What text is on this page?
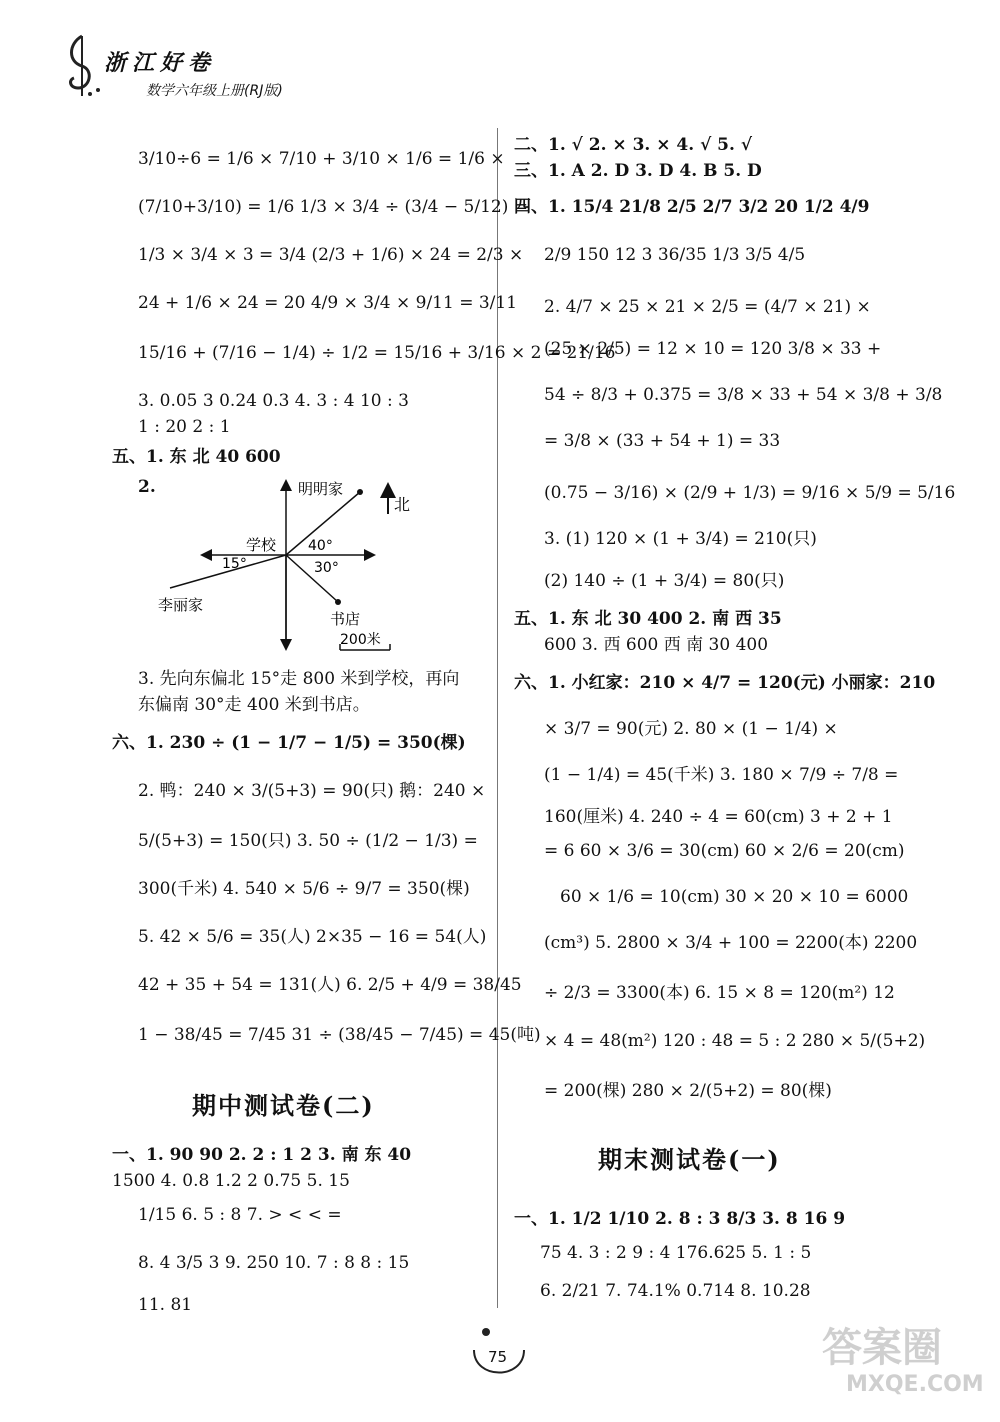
浙江好卷
数学六年级上册(RJ版)
3/10÷6 = 1/6 × 7/10 + 3/10 × 1/6 = 1/6 ×
(7/10+3/10) = 1/6 1/3 × 3/4 ÷ (3/4 − 5/12) =
1/3 × 3/4 × 3 = 3/4 (2/3 + 1/6) × 24 = 2/3 ×
24 + 1/6 × 24 = 20 4/9 × 3/4 × 9/11 = 3/11
15/16 + (7/16 − 1/4) ÷ 1/2 = 15/16 + 3/16 × 2 = 21/16
3. 0.05 3 0.24 0.3 4. 3 : 4 10 : 3
1 : 20 2 : 1
五、1. 东 北 40 600
2.	明明家
北
学校 40°
30°
15°
李丽家
书店
200米
3. 先向东偏北 15°走 800 米到学校，再向
东偏南 30°走 400 米到书店。
六、1. 230 ÷ (1 − 1/7 − 1/5) = 350(棵)
2. 鸭：240 × 3/(5+3) = 90(只) 鹅：240 ×
5/(5+3) = 150(只) 3. 50 ÷ (1/2 − 1/3) =
300(千米) 4. 540 × 5/6 ÷ 9/7 = 350(棵)
5. 42 × 5/6 = 35(人) 2×35 − 16 = 54(人)
42 + 35 + 54 = 131(人) 6. 2/5 + 4/9 = 38/45
1 − 38/45 = 7/45 31 ÷ (38/45 − 7/45) = 45(吨)
期中测试卷(二)
一、1. 90 90 2. 2 : 1 2 3. 南 东 40
1500 4. 0.8 1.2 2 0.75 5. 15
1/15 6. 5 : 8 7. > < < =
8. 4 3/5 3 9. 250 10. 7 : 8 8 : 15
11. 81
二、1. √ 2. × 3. × 4. √ 5. √
三、1. A 2. D 3. D 4. B 5. D
四、1. 15/4 21/8 2/5 2/7 3/2 20 1/2 4/9
2/9 150 12 3 36/35 1/3 3/5 4/5
2. 4/7 × 25 × 21 × 2/5 = (4/7 × 21) ×
(25 × 2/5) = 12 × 10 = 120 3/8 × 33 +
54 ÷ 8/3 + 0.375 = 3/8 × 33 + 54 × 3/8 + 3/8
= 3/8 × (33 + 54 + 1) = 33
(0.75 − 3/16) × (2/9 + 1/3) = 9/16 × 5/9 = 5/16
3. (1) 120 × (1 + 3/4) = 210(只)
(2) 140 ÷ (1 + 3/4) = 80(只)
五、1. 东 北 30 400 2. 南 西 35
600 3. 西 600 西 南 30 400
六、1. 小红家：210 × 4/7 = 120(元) 小丽家：210
× 3/7 = 90(元) 2. 80 × (1 − 1/4) ×
(1 − 1/4) = 45(千米) 3. 180 × 7/9 ÷ 7/8 =
160(厘米) 4. 240 ÷ 4 = 60(cm) 3 + 2 + 1
= 6 60 × 3/6 = 30(cm) 60 × 2/6 = 20(cm)
60 × 1/6 = 10(cm) 30 × 20 × 10 = 6000
(cm³) 5. 2800 × 3/4 + 100 = 2200(本) 2200
÷ 2/3 = 3300(本) 6. 15 × 8 = 120(m²) 12
× 4 = 48(m²) 120 : 48 = 5 : 2 280 × 5/(5+2)
= 200(棵) 280 × 2/(5+2) = 80(棵)
期末测试卷(一)
一、1. 1/2 1/10 2. 8 : 3 8/3 3. 8 16 9
75 4. 3 : 2 9 : 4 176.625 5. 1 : 5
6. 2/21 7. 74.1% 0.714 8. 10.28
75	答案圈
MXQE.COM
